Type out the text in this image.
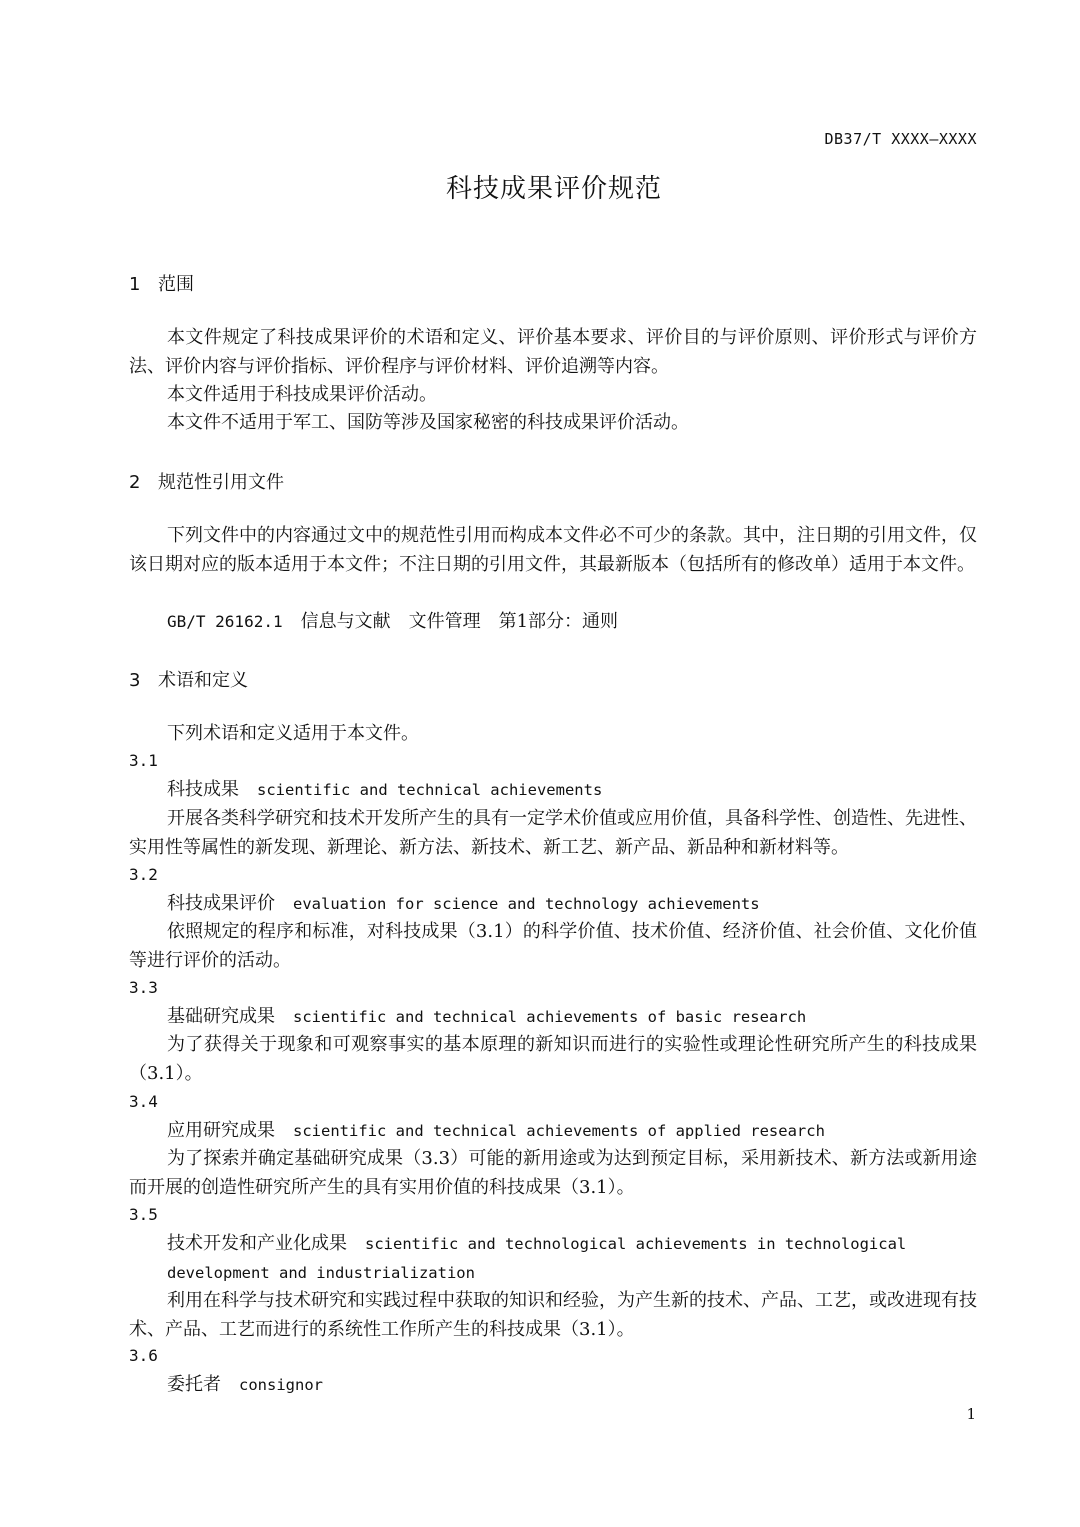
DB37/T XXXX—XXXX
科技成果评价规范
1 范围
本文件规定了科技成果评价的术语和定义、评价基本要求、评价目的与评价原则、评价形式与评价方法、评价内容与评价指标、评价程序与评价材料、评价追溯等内容。
本文件适用于科技成果评价活动。
本文件不适用于军工、国防等涉及国家秘密的科技成果评价活动。
2 规范性引用文件
下列文件中的内容通过文中的规范性引用而构成本文件必不可少的条款。其中，注日期的引用文件，仅该日期对应的版本适用于本文件；不注日期的引用文件，其最新版本（包括所有的修改单）适用于本文件。
GB/T 26162.1　 信息与文献　文件管理　第1部分：通则
3 术语和定义
下列术语和定义适用于本文件。
3.1
科技成果 scientific and technical achievements
开展各类科学研究和技术开发所产生的具有一定学术价值或应用价值，具备科学性、创造性、先进性、实用性等属性的新发现、新理论、新方法、新技术、新工艺、新产品、新品种和新材料等。
3.2
科技成果评价 evaluation for science and technology achievements
依照规定的程序和标准，对科技成果（3.1）的科学价值、技术价值、经济价值、社会价值、文化价值等进行评价的活动。
3.3
基础研究成果 scientific and technical achievements of basic research
为了获得关于现象和可观察事实的基本原理的新知识而进行的实验性或理论性研究所产生的科技成果（3.1）。
3.4
应用研究成果 scientific and technical achievements of applied research
为了探索并确定基础研究成果（3.3）可能的新用途或为达到预定目标，采用新技术、新方法或新用途而开展的创造性研究所产生的具有实用价值的科技成果（3.1）。
3.5
技术开发和产业化成果 scientific and technological achievements in technological development and industrialization
利用在科学与技术研究和实践过程中获取的知识和经验，为产生新的技术、产品、工艺，或改进现有技术、产品、工艺而进行的系统性工作所产生的科技成果（3.1）。
3.6
委托者 consignor
1
